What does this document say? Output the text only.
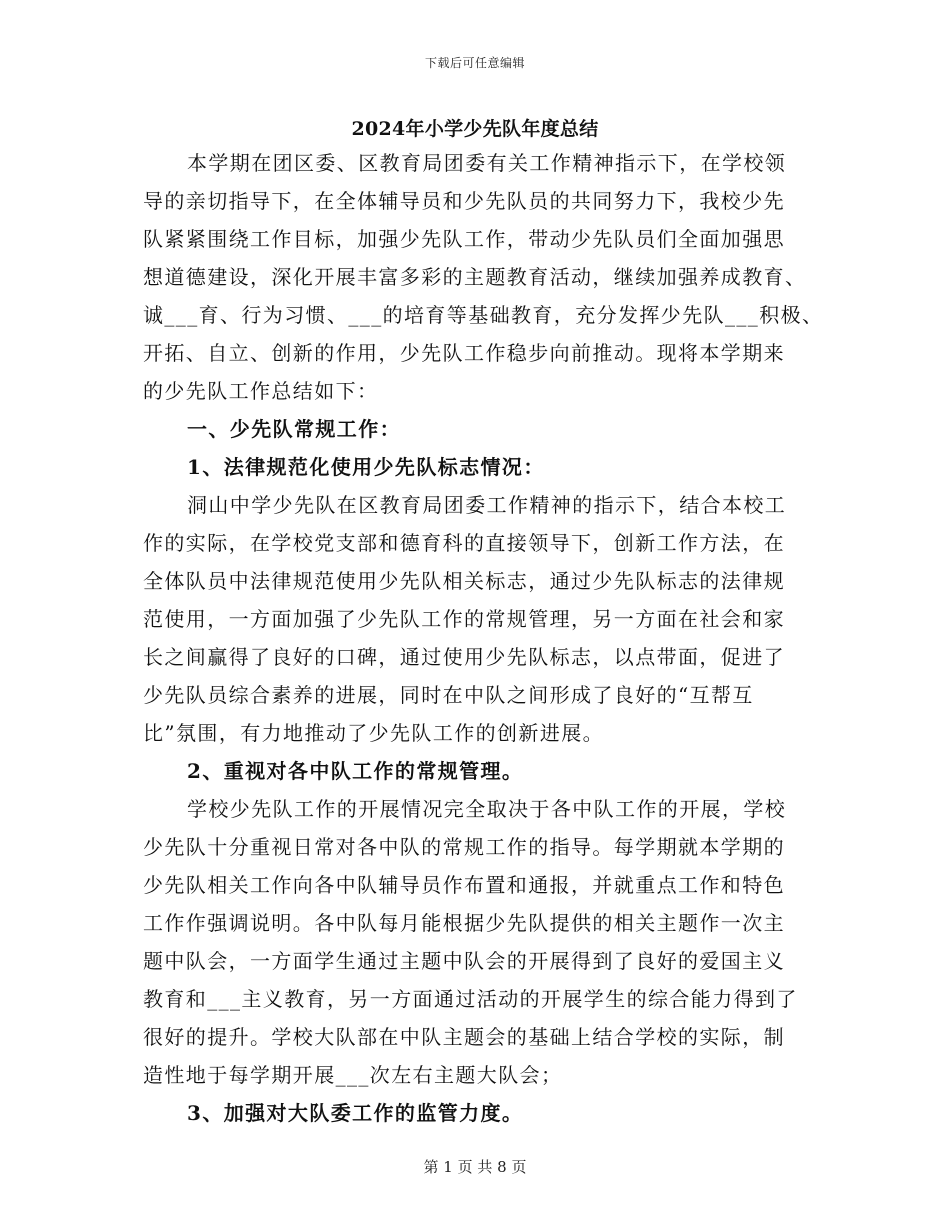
下载后可任意编辑
2024年小学少先队年度总结
本学期在团区委、区教育局团委有关工作精神指示下，在学校领
导的亲切指导下，在全体辅导员和少先队员的共同努力下，我校少先
队紧紧围绕工作目标，加强少先队工作，带动少先队员们全面加强思
想道德建设，深化开展丰富多彩的主题教育活动，继续加强养成教育、
诚___育、行为习惯、___的培育等基础教育，充分发挥少先队___积极、
开拓、自立、创新的作用，少先队工作稳步向前推动。现将本学期来
的少先队工作总结如下：
一、少先队常规工作：
1、法律规范化使用少先队标志情况：
洞山中学少先队在区教育局团委工作精神的指示下，结合本校工
作的实际，在学校党支部和德育科的直接领导下，创新工作方法，在
全体队员中法律规范使用少先队相关标志，通过少先队标志的法律规
范使用，一方面加强了少先队工作的常规管理，另一方面在社会和家
长之间赢得了良好的口碑，通过使用少先队标志，以点带面，促进了
少先队员综合素养的进展，同时在中队之间形成了良好的“互帮互
比”氛围，有力地推动了少先队工作的创新进展。
2、重视对各中队工作的常规管理。
学校少先队工作的开展情况完全取决于各中队工作的开展，学校
少先队十分重视日常对各中队的常规工作的指导。每学期就本学期的
少先队相关工作向各中队辅导员作布置和通报，并就重点工作和特色
工作作强调说明。各中队每月能根据少先队提供的相关主题作一次主
题中队会，一方面学生通过主题中队会的开展得到了良好的爱国主义
教育和___主义教育，另一方面通过活动的开展学生的综合能力得到了
很好的提升。学校大队部在中队主题会的基础上结合学校的实际，制
造性地于每学期开展___次左右主题大队会；
3、加强对大队委工作的监管力度。
第 1 页 共 8 页
